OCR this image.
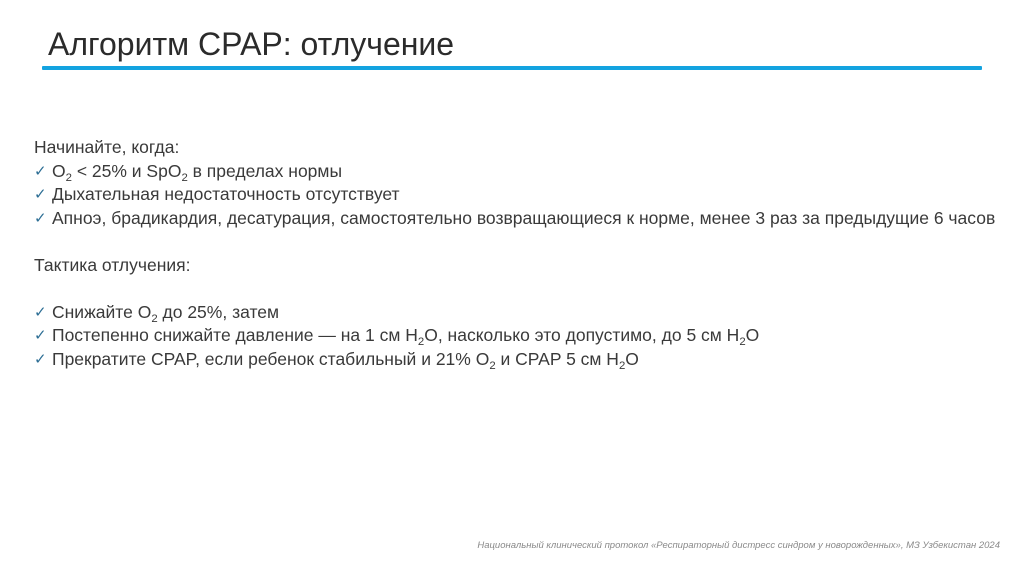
Алгоритм CPAP: отлучение

Начинайте, когда:

✓ $O_2 < 25\%$ и SpO$_2$ в пределах нормы
✓ Дыхательная недостаточность отсутствует
✓ Апноэ, брадикардия, десатурация, самостоятельно возвращающиеся к норме, менее 3 раз за предыдущие 6 часов

Тактика отлучения:

✓ Снижайте $O_2$ до 25%, затем
✓ Постепенно снижайте давление — на 1 см $H_2O$, насколько это допустимо, до 5 см $H_2O$
✓ Прекратите CPAP, если ребенок стабильный и 21% $O_2$ и CPAP 5 см $H_2O$
Национальный клинический протокол «Респираторный дистресс синдром у новорожденных», МЗ Узбекистан 2024
